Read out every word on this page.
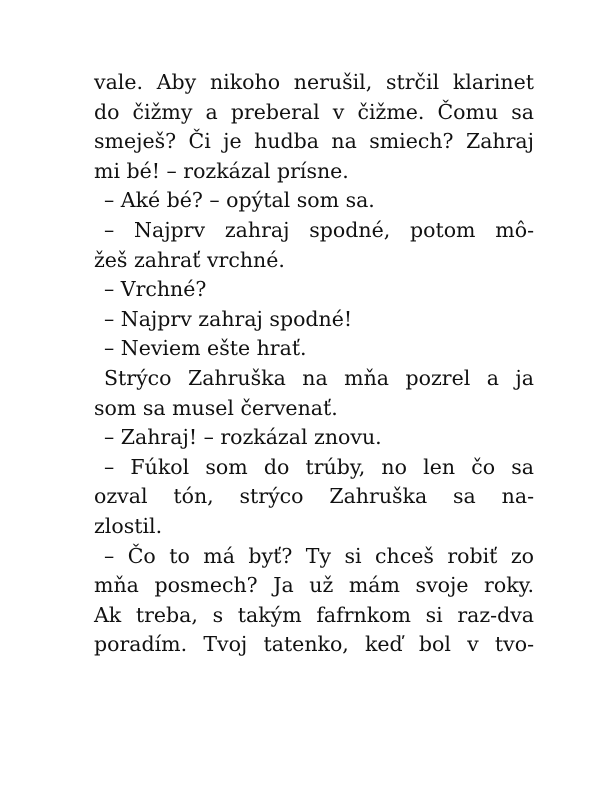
vale. Aby nikoho nerušil, strčil klarinet
do čižmy a preberal v čižme. Čomu sa
smeješ? Či je hudba na smiech? Zahraj
mi bé! – rozkázal prísne.
– Aké bé? – opýtal som sa.
– Najprv zahraj spodné, potom mô-
žeš zahrať vrchné.
– Vrchné?
– Najprv zahraj spodné!
– Neviem ešte hrať.
Strýco Zahruška na mňa pozrel a ja
som sa musel červenať.
– Zahraj! – rozkázal znovu.
– Fúkol som do trúby, no len čo sa
ozval tón, strýco Zahruška sa na-
zlostil.
– Čo to má byť? Ty si chceš robiť zo
mňa posmech? Ja už mám svoje roky.
Ak treba, s takým fafrnkom si raz-dva
poradím. Tvoj tatenko, keď bol v tvo-
